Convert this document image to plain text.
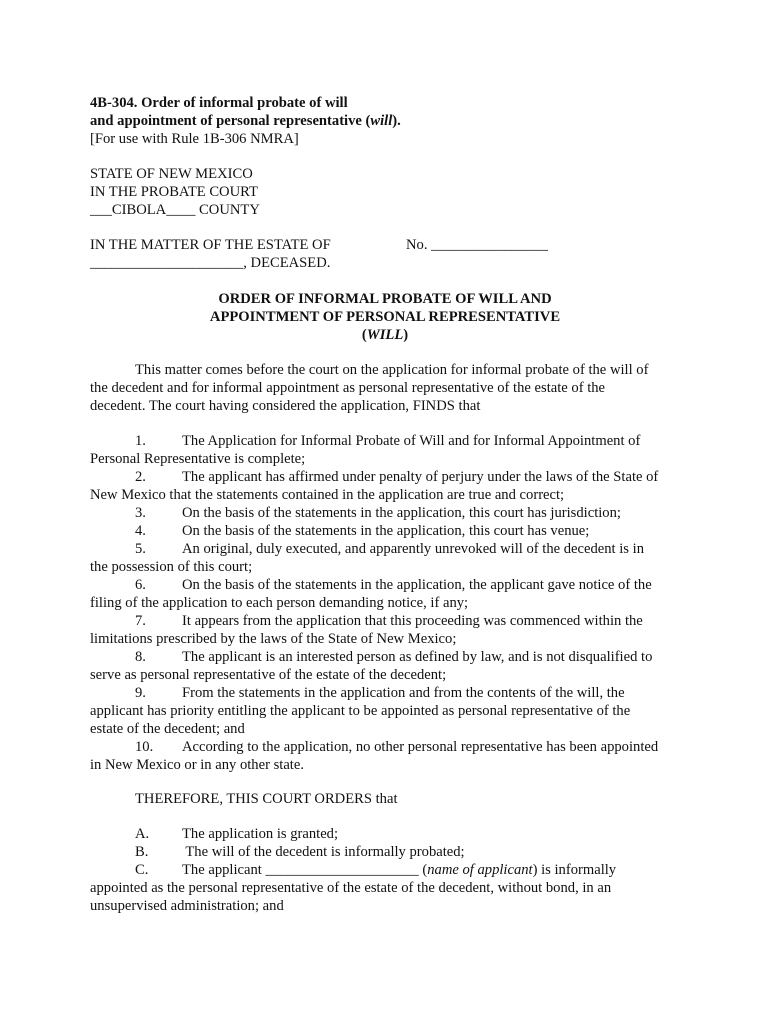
4B-304. Order of informal probate of will
and appointment of personal representative (will).
[For use with Rule 1B-306 NMRA]
STATE OF NEW MEXICO
IN THE PROBATE COURT
___CIBOLA____ COUNTY
IN THE MATTER OF THE ESTATE OF
_____________________, DECEASED.
No. ________________
ORDER OF INFORMAL PROBATE OF WILL AND
APPOINTMENT OF PERSONAL REPRESENTATIVE
(WILL)
This matter comes before the court on the application for informal probate of the will of
the decedent and for informal appointment as personal representative of the estate of the
decedent. The court having considered the application, FINDS that
1. The Application for Informal Probate of Will and for Informal Appointment of
Personal Representative is complete;
2. The applicant has affirmed under penalty of perjury under the laws of the State of
New Mexico that the statements contained in the application are true and correct;
3. On the basis of the statements in the application, this court has jurisdiction;
4. On the basis of the statements in the application, this court has venue;
5. An original, duly executed, and apparently unrevoked will of the decedent is in
the possession of this court;
6. On the basis of the statements in the application, the applicant gave notice of the
filing of the application to each person demanding notice, if any;
7. It appears from the application that this proceeding was commenced within the
limitations prescribed by the laws of the State of New Mexico;
8. The applicant is an interested person as defined by law, and is not disqualified to
serve as personal representative of the estate of the decedent;
9. From the statements in the application and from the contents of the will, the
applicant has priority entitling the applicant to be appointed as personal representative of the
estate of the decedent; and
10. According to the application, no other personal representative has been appointed
in New Mexico or in any other state.
THEREFORE, THIS COURT ORDERS that
A. The application is granted;
B. The will of the decedent is informally probated;
C. The applicant _____________________ (name of applicant) is informally
appointed as the personal representative of the estate of the decedent, without bond, in an
unsupervised administration; and
